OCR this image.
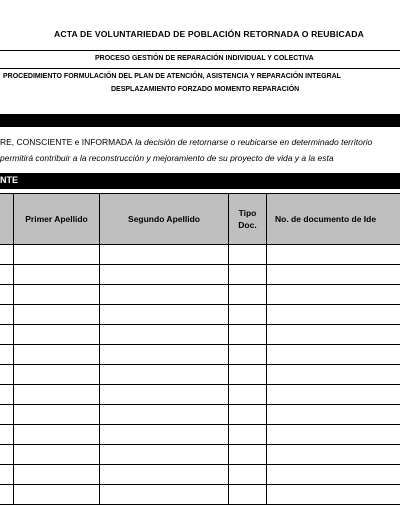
ACTA DE VOLUNTARIEDAD DE POBLACIÓN RETORNADA O REUBICADA
PROCESO GESTIÓN DE REPARACIÓN INDIVIDUAL Y COLECTIVA
PROCEDIMIENTO FORMULACIÓN DEL PLAN DE ATENCIÓN, ASISTENCIA Y REPARACIÓN INTEGRAL
DESPLAZAMIENTO FORZADO MOMENTO REPARACIÓN
RE, CONSCIENTE e INFORMADA la decisión de retornarse o reubicarse en determinado territorio
permitirá contribuir a la reconstrucción y mejoramiento de su proyecto de vida y a la esta
NTE
	Primer Apellido	Segundo Apellido	Tipo Doc.	No. de documento de Ide
